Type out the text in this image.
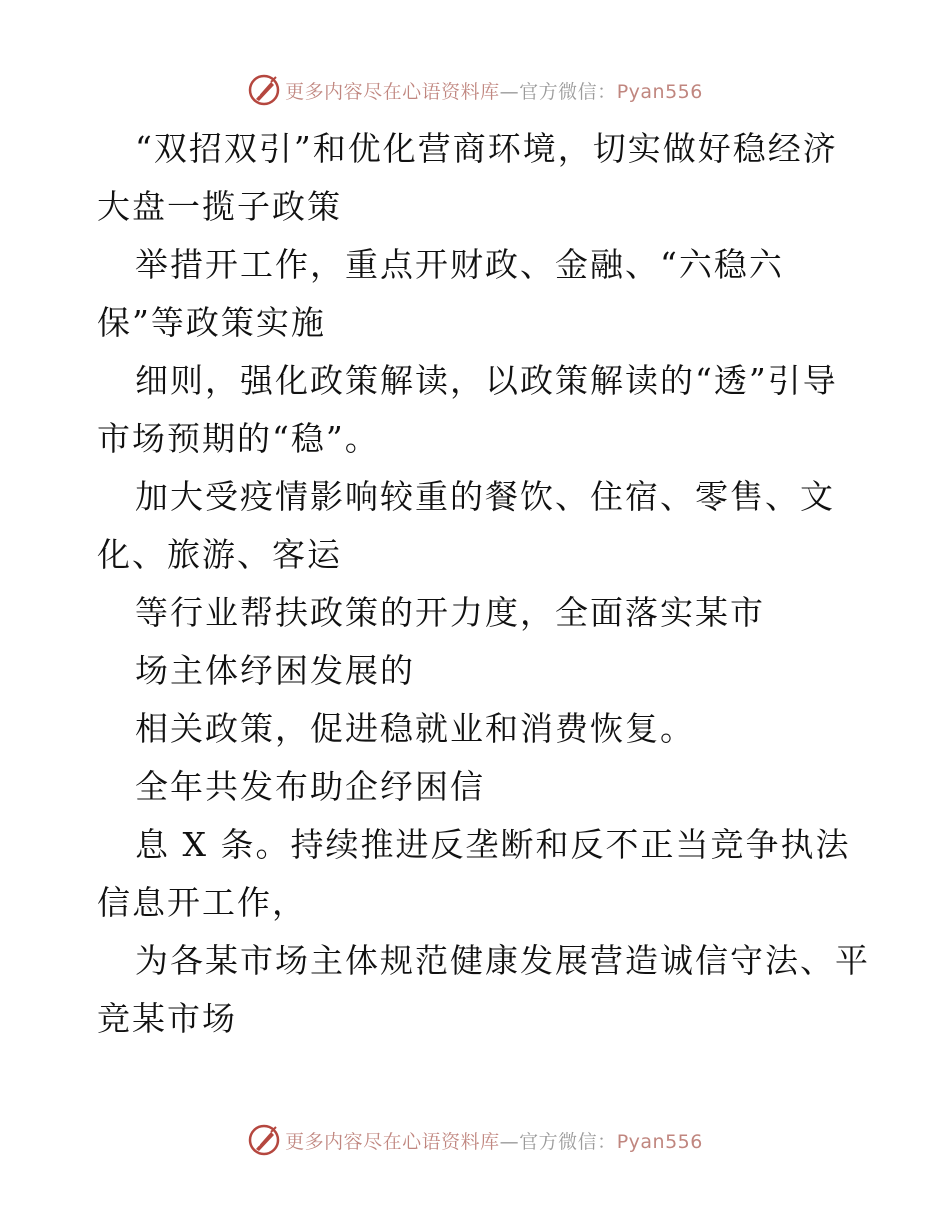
更多内容尽在心语资料库—官方微信：Pyan556
“双招双引”和优化营商环境，切实做好稳经济
大盘一揽子政策
举措开工作，重点开财政、金融、“六稳六
保”等政策实施
细则，强化政策解读，以政策解读的“透”引导
市场预期的“稳”。
加大受疫情影响较重的餐饮、住宿、零售、文
化、旅游、客运
等行业帮扶政策的开力度，全面落实某市
场主体纾困发展的
相关政策，促进稳就业和消费恢复。
全年共发布助企纾困信
息 X 条。持续推进反垄断和反不正当竞争执法
信息开工作，
为各某市场主体规范健康发展营造诚信守法、平
竞某市场
更多内容尽在心语资料库—官方微信：Pyan556
